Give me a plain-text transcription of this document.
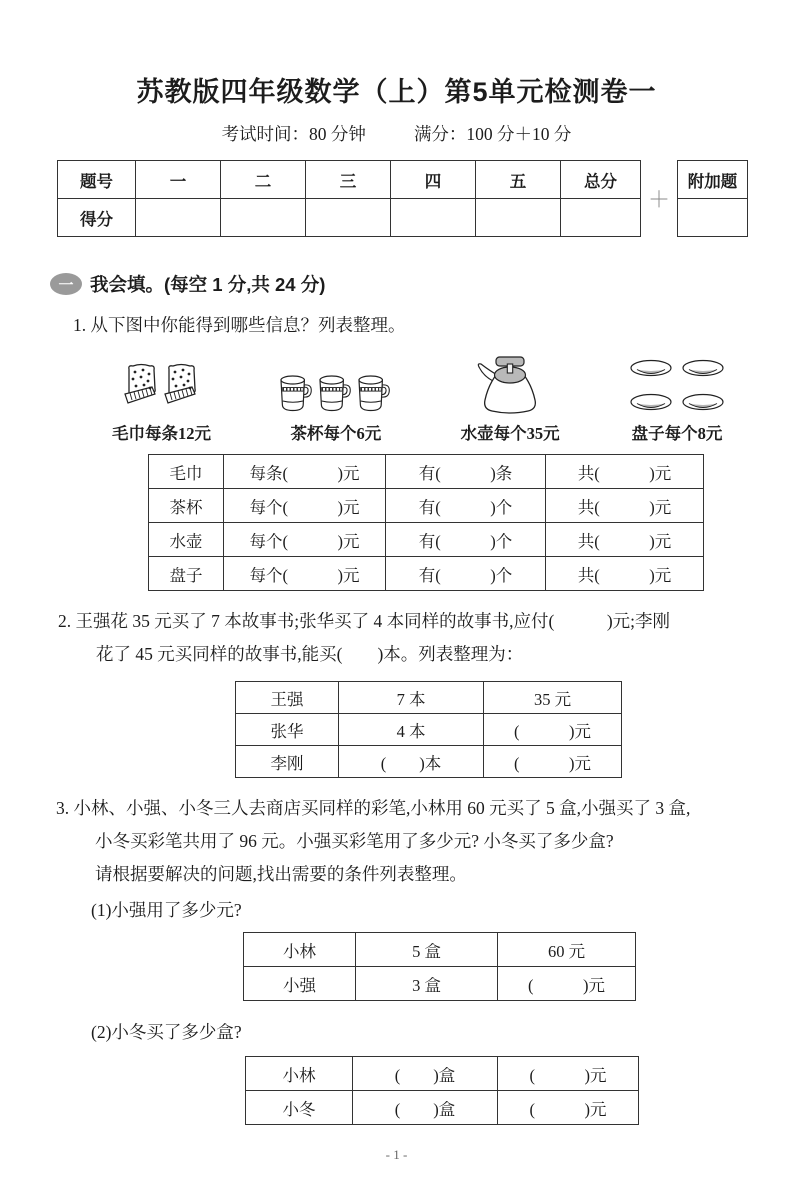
苏教版四年级数学（上）第5单元检测卷一
考试时间：80 分钟	满分：100 分＋10 分
题号	一	二	三	四	五	总分
得分						
＋
附加题

一 我会填。(每空 1 分,共 24 分)

1. 从下图中你能得到哪些信息？列表整理。

毛巾每条12元	茶杯每个6元	水壶每个35元	盘子每个8元
毛巾	每条(　　　)元	有(　　　)条	共(　　　)元
茶杯	每个(　　　)元	有(　　　)个	共(　　　)元
水壶	每个(　　　)元	有(　　　)个	共(　　　)元
盘子	每个(　　　)元	有(　　　)个	共(　　　)元

2. 王强花 35 元买了 7 本故事书;张华买了 4 本同样的故事书,应付(　　　)元;李刚

花了 45 元买同样的故事书,能买(　　)本。列表整理为：

王强	7 本	35 元
张华	4 本	(　　　)元
李刚	(　　)本	(　　　)元

3. 小林、小强、小冬三人去商店买同样的彩笔,小林用 60 元买了 5 盒,小强买了 3 盒,

小冬买彩笔共用了 96 元。小强买彩笔用了多少元? 小冬买了多少盒?

请根据要解决的问题,找出需要的条件列表整理。

(1)小强用了多少元?

小林	5 盒	60 元
小强	3 盒	(　　　)元

(2)小冬买了多少盒?

小林	(　　)盒	(　　　)元
小冬	(　　)盒	(　　　)元
- 1 -
